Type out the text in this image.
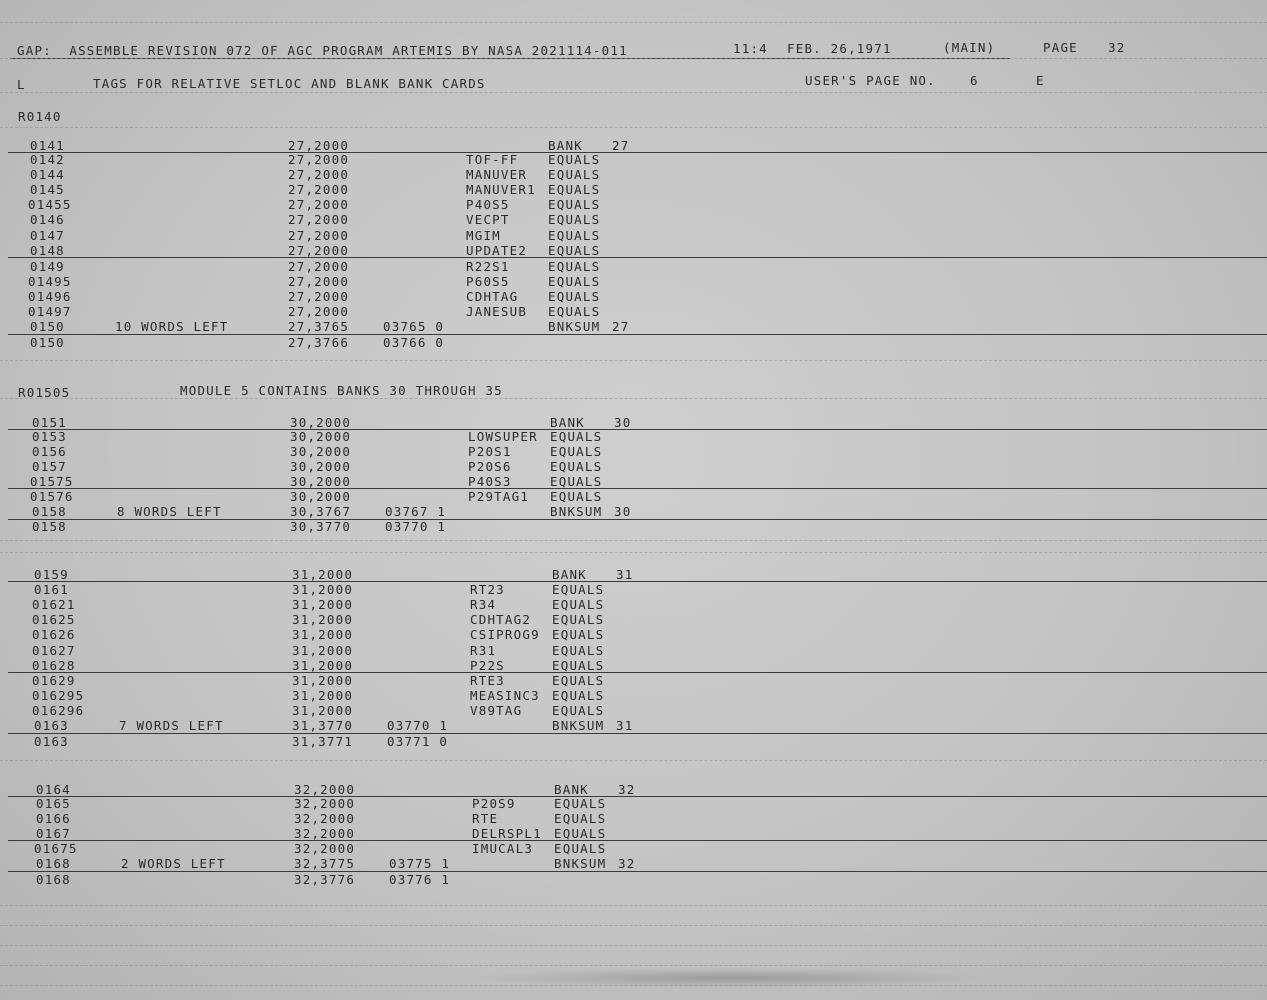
GAP:  ASSEMBLE REVISION 072 OF AGC PROGRAM ARTEMIS BY NASA 2021114-011	11:4 FEB. 26,1971	(MAIN)	PAGE 32
L	TAGS FOR RELATIVE SETLOC AND BLANK BANK CARDS	USER'S PAGE NO.	6	E
MODULE 5 CONTAINS BANKS 30 THROUGH 35
R0140
0141	27,2000	BANK 27
0142	27,2000	TOF-FF EQUALS
0144	27,2000	MANUVER EQUALS
0145	27,2000	MANUVER1 EQUALS
01455	27,2000	P40S5	EQUALS
0146	27,2000	VECPT	EQUALS
0147	27,2000	MGIM	EQUALS
0148	27,2000	UPDATE2 EQUALS
0149	27,2000	R22S1	EQUALS
01495	27,2000	P60S5	EQUALS
01496	27,2000	CDHTAG EQUALS
01497	27,2000	JANESUB EQUALS
0150	10 WORDS LEFT	27,3765	03765 0	BNKSUM 27
0150	27,3766	03766 0
R01505
0151	30,2000	BANK 30
0153	30,2000	LOWSUPER EQUALS
0156	30,2000	P20S1	EQUALS
0157	30,2000	P20S6	EQUALS
01575	30,2000	P40S3	EQUALS
01576	30,2000	P29TAG1 EQUALS
0158	8 WORDS LEFT	30,3767	03767 1	BNKSUM 30
0158	30,3770	03770 1
0159	31,2000	BANK 31
0161	31,2000	RT23	EQUALS
01621	31,2000	R34	EQUALS
01625	31,2000	CDHTAG2 EQUALS
01626	31,2000	CSIPROG9 EQUALS
01627	31,2000	R31	EQUALS
01628	31,2000	P22S	EQUALS
01629	31,2000	RTE3	EQUALS
016295	31,2000	MEASINC3 EQUALS
016296	31,2000	V89TAG EQUALS
0163	7 WORDS LEFT	31,3770	03770 1	BNKSUM 31
0163	31,3771	03771 0
0164	32,2000	BANK 32
0165	32,2000	P20S9	EQUALS
0166	32,2000	RTE	EQUALS
0167	32,2000	DELRSPL1 EQUALS
01675	32,2000	IMUCAL3 EQUALS
0168	2 WORDS LEFT	32,3775	03775 1	BNKSUM 32
0168	32,3776	03776 1
